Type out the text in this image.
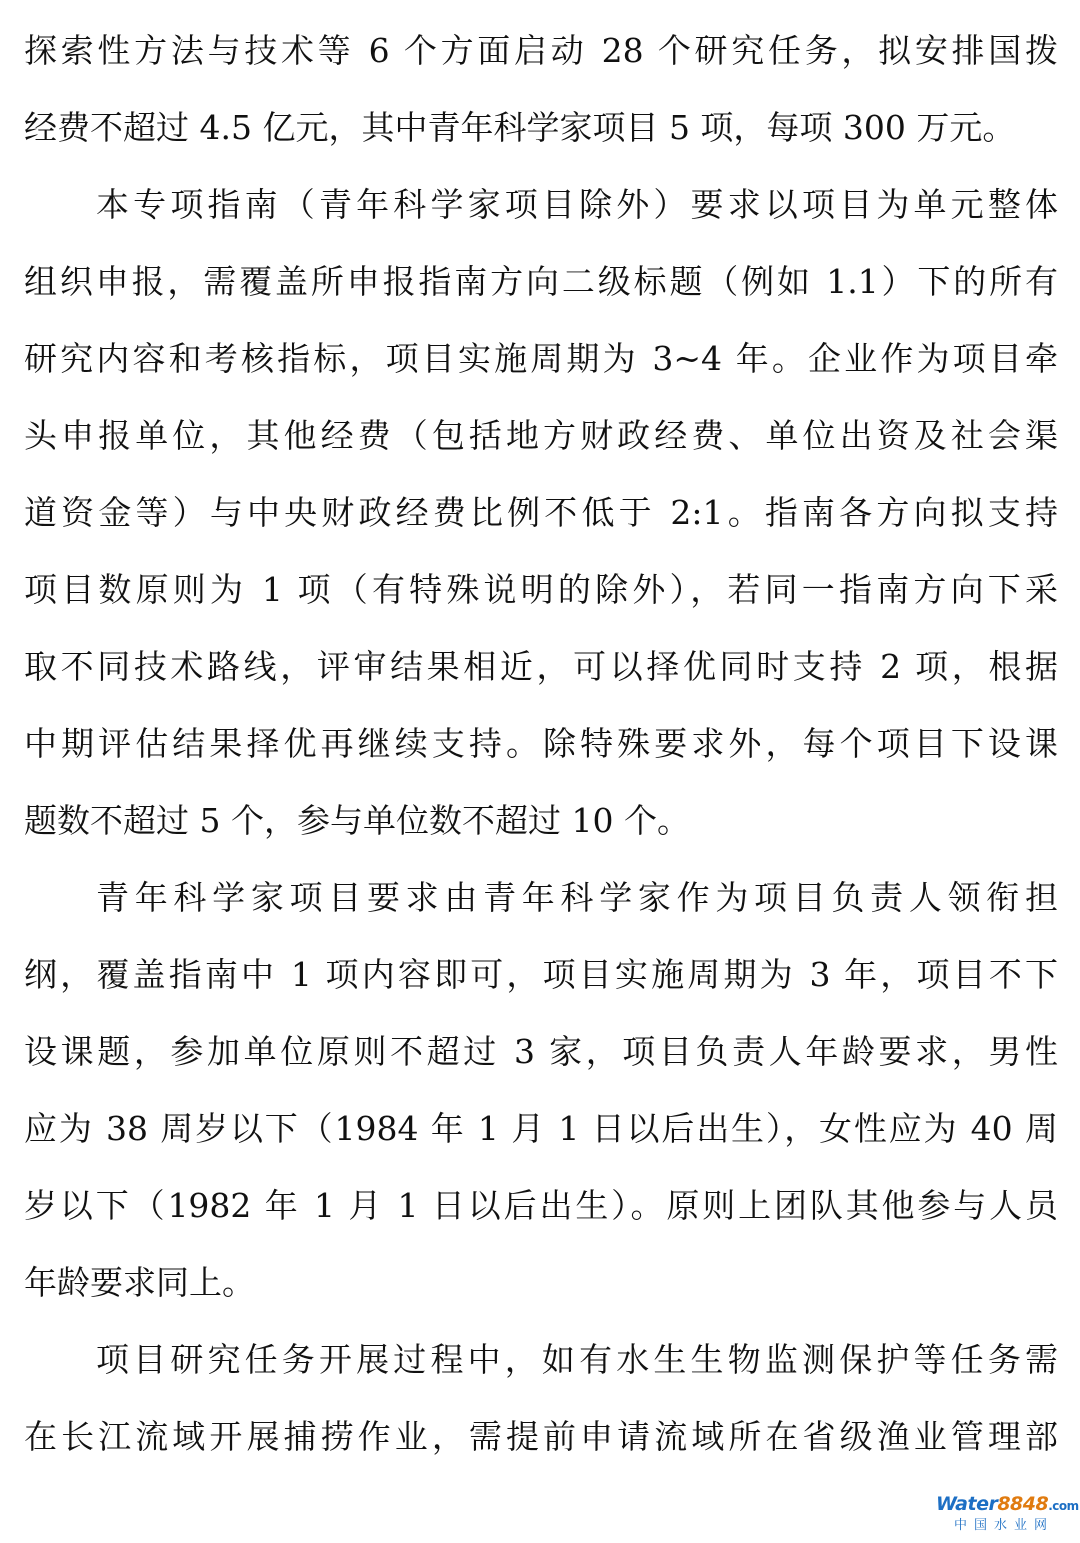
探索性方法与技术等 6 个方面启动 28 个研究任务，拟安排国拨
经费不超过 4.5 亿元，其中青年科学家项目 5 项，每项 300 万元。
本专项指南（青年科学家项目除外）要求以项目为单元整体
组织申报，需覆盖所申报指南方向二级标题（例如 1.1）下的所有
研究内容和考核指标，项目实施周期为 3~4 年。企业作为项目牵
头申报单位，其他经费（包括地方财政经费、单位出资及社会渠
道资金等）与中央财政经费比例不低于 2:1。指南各方向拟支持
项目数原则为 1 项（有特殊说明的除外），若同一指南方向下采
取不同技术路线，评审结果相近，可以择优同时支持 2 项，根据
中期评估结果择优再继续支持。除特殊要求外，每个项目下设课
题数不超过 5 个，参与单位数不超过 10 个。
青年科学家项目要求由青年科学家作为项目负责人领衔担
纲，覆盖指南中 1 项内容即可，项目实施周期为 3 年，项目不下
设课题，参加单位原则不超过 3 家，项目负责人年龄要求，男性
应为 38 周岁以下（1984 年 1 月 1 日以后出生），女性应为 40 周
岁以下（1982 年 1 月 1 日以后出生）。原则上团队其他参与人员
年龄要求同上。
项目研究任务开展过程中，如有水生生物监测保护等任务需
在长江流域开展捕捞作业，需提前申请流域所在省级渔业管理部
Water8848.com
中国水业网
